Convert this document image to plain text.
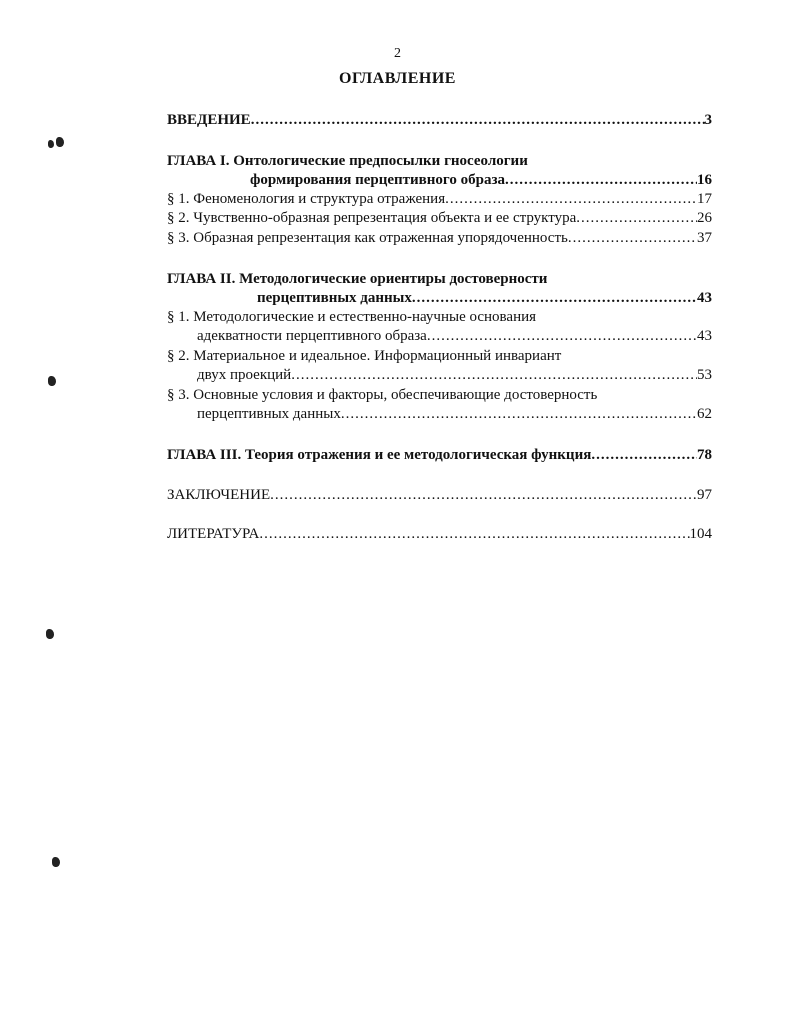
2
ОГЛАВЛЕНИЕ
ВВЕДЕНИЕ .....	3
ГЛАВА I. Онтологические предпосылки гносеологии
формирования перцептивного образа .....	16
§ 1. Феноменология и структура отражения .....	17
§ 2. Чувственно-образная репрезентация объекта и ее структура .....	26
§ 3. Образная репрезентация как отраженная упорядоченность .....	37
ГЛАВА II. Методологические ориентиры достоверности
перцептивных данных .....	43
§ 1. Методологические и естественно-научные основания
адекватности перцептивного образа .....	43
§ 2. Материальное и идеальное. Информационный инвариант
двух проекций .....	53
§ 3. Основные условия и факторы, обеспечивающие достоверность
перцептивных данных .....	62
ГЛАВА III. Теория отражения и ее методологическая функция .....	78
ЗАКЛЮЧЕНИЕ .....	97
ЛИТЕРАТУРА .....	104
